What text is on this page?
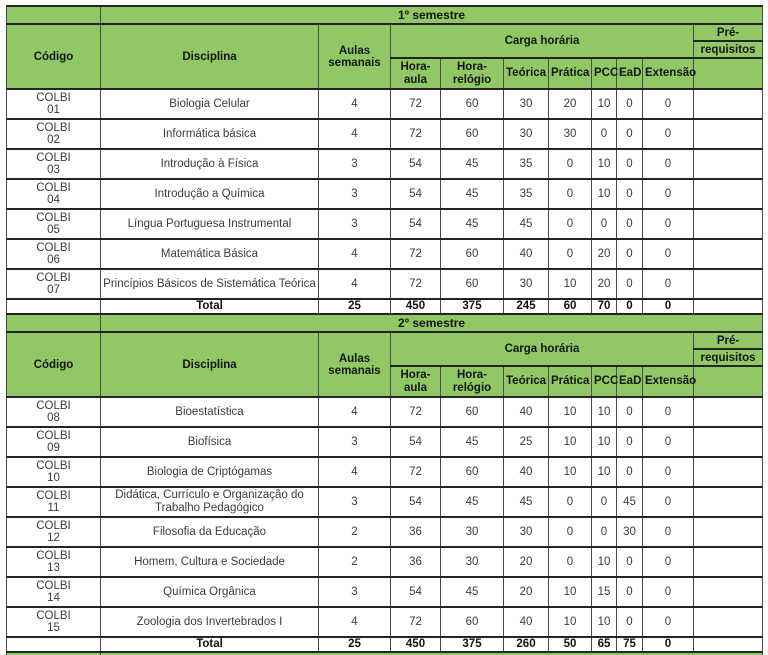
	1º semestre									
Código	Disciplina	Aulas semanais	Carga horária							Pré-
										requisitos
			Hora-aula	Hora-relógio	Teórica	Prática	PCC	EaD	Extensão	

COLBI
01	Biologia Celular	4	72	60	30	20	10	0	0	

COLBI
02	Informática básica	4	72	60	30	30	0	0	0	

COLBI
03	Introdução à Física	3	54	45	35	0	10	0	0	

COLBI
04	Introdução a Química	3	54	45	35	0	10	0	0	

COLBI
05	Língua Portuguesa Instrumental	3	54	45	45	0	0	0	0	

COLBI
06	Matemática Básica	4	72	60	40	0	20	0	0	

COLBI
07	Princípios Básicos de Sistemática Teórica	4	72	60	30	10	20	0	0	
	Total	25	450	375	245	60	70	0	0	
	2º semestre									
Código	Disciplina	Aulas semanais	Carga horária							Pré-
										requisitos
			Hora-aula	Hora-relógio	Teórica	Prática	PCC	EaD	Extensão	

COLBI
08	Bioestatística	4	72	60	40	10	10	0	0	

COLBI
09	Biofísica	3	54	45	25	10	10	0	0	

COLBI
10	Biologia de Criptógamas	4	72	60	40	10	10	0	0	

COLBI
11	Didática, Currículo e Organização do Trabalho Pedagógico	3	54	45	45	0	0	45	0	

COLBI
12	Filosofia da Educação	2	36	30	30	0	0	30	0	

COLBI
13	Homem, Cultura e Sociedade	2	36	30	20	0	10	0	0	

COLBI
14	Química Orgânica	3	54	45	20	10	15	0	0	

COLBI
15	Zoologia dos Invertebrados I	4	72	60	40	10	10	0	0	
	Total	25	450	375	260	50	65	75	0	
